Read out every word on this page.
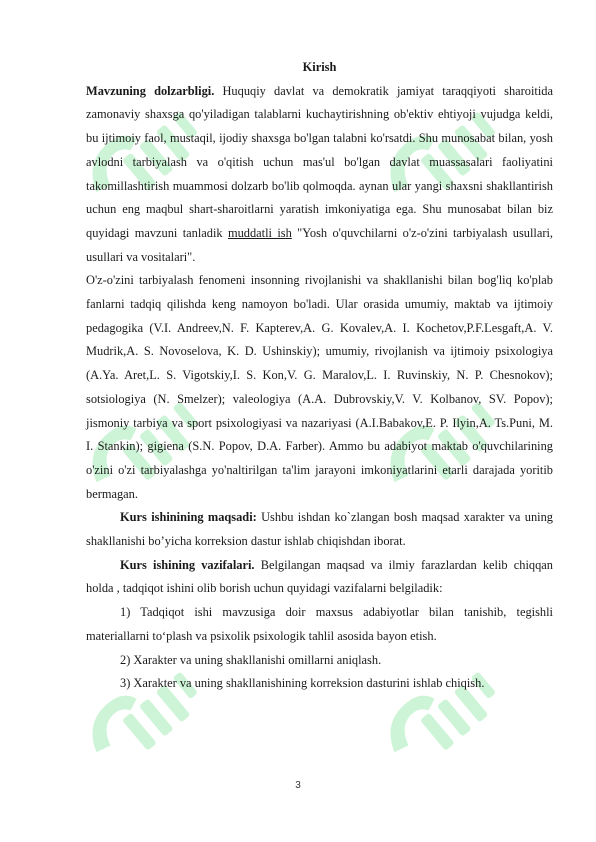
Kirish

Mavzuning dolzarbligi. Huquqiy davlat va demokratik jamiyat taraqqiyoti sharoitida zamonaviy shaxsga qo'yiladigan talablarni kuchaytirishning ob'ektiv ehtiyoji vujudga keldi, bu ijtimoiy faol, mustaqil, ijodiy shaxsga bo'lgan talabni ko'rsatdi. Shu munosabat bilan, yosh avlodni tarbiyalash va o'qitish uchun mas'ul bo'lgan davlat muassasalari faoliyatini takomillashtirish muammosi dolzarb bo'lib qolmoqda. aynan ular yangi shaxsni shakllantirish uchun eng maqbul shart-sharoitlarni yaratish imkoniyatiga ega. Shu munosabat bilan biz quyidagi mavzuni tanladik muddatli ish "Yosh o'quvchilarni o'z-o'zini tarbiyalash usullari, usullari va vositalari".

O'z-o'zini tarbiyalash fenomeni insonning rivojlanishi va shakllanishi bilan bog'liq ko'plab fanlarni tadqiq qilishda keng namoyon bo'ladi. Ular orasida umumiy, maktab va ijtimoiy pedagogika (V.I. Andreev,N. F. Kapterev,A. G. Kovalev,A. I. Kochetov,P.F.Lesgaft,A. V. Mudrik,A. S. Novoselova, K. D. Ushinskiy); umumiy, rivojlanish va ijtimoiy psixologiya (A.Ya. Aret,L. S. Vigotskiy,I. S. Kon,V. G. Maralov,L. I. Ruvinskiy, N. P. Chesnokov); sotsiologiya (N. Smelzer); valeologiya (A.A. Dubrovskiy,V. V. Kolbanov, SV. Popov); jismoniy tarbiya va sport psixologiyasi va nazariyasi (A.I.Babakov,E. P. Ilyin,A. Ts.Puni, M. I. Stankin); gigiena (S.N. Popov, D.A. Farber). Ammo bu adabiyot maktab o'quvchilarining o'zini o'zi tarbiyalashga yo'naltirilgan ta'lim jarayoni imkoniyatlarini etarli darajada yoritib bermagan.

Kurs ishinining maqsadi: Ushbu ishdan ko`zlangan bosh maqsad xarakter va uning shakllanishi bo’yicha korreksion dastur ishlab chiqishdan iborat.

Kurs ishining vazifalari. Belgilangan maqsad va ilmiy farazlardan kelib chiqqan holda , tadqiqot ishini olib borish uchun quyidagi vazifalarni belgiladik:

1) Tadqiqot ishi mavzusiga doir maxsus adabiyotlar bilan tanishib, tegishli materiallarni to‘plash va psixolik psixologik tahlil asosida bayon etish.

2) Xarakter va uning shakllanishi omillarni aniqlash.

3) Xarakter va uning shakllanishining korreksion dasturini ishlab chiqish.

3
